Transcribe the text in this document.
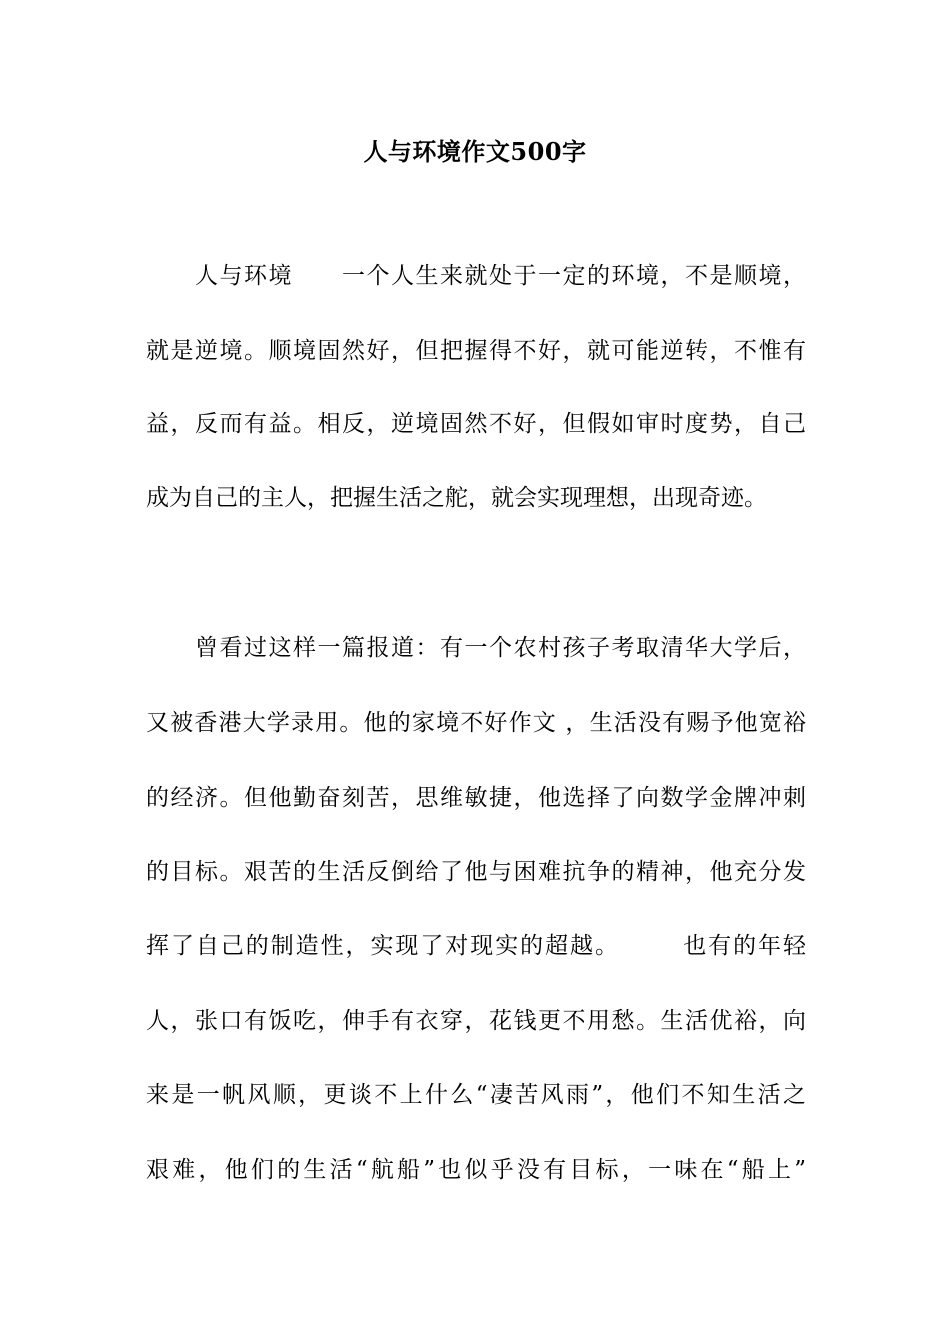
人与环境作文500字
　　人与环境　　一个人生来就处于一定的环境，不是顺境，
就是逆境。顺境固然好，但把握得不好，就可能逆转，不惟有
益，反而有益。相反，逆境固然不好，但假如审时度势，自己
成为自己的主人，把握生活之舵，就会实现理想，出现奇迹。
　　曾看过这样一篇报道：有一个农村孩子考取清华大学后，
又被香港大学录用。他的家境不好作文 ，生活没有赐予他宽裕
的经济。但他勤奋刻苦，思维敏捷，他选择了向数学金牌冲刺
的目标。艰苦的生活反倒给了他与困难抗争的精神，他充分发
挥了自己的制造性，实现了对现实的超越。　　　也有的年轻
人，张口有饭吃，伸手有衣穿，花钱更不用愁。生活优裕，向
来是一帆风顺，更谈不上什么“凄苦风雨”，他们不知生活之
艰难，他们的生活“航船”也似乎没有目标，一味在“船上”
